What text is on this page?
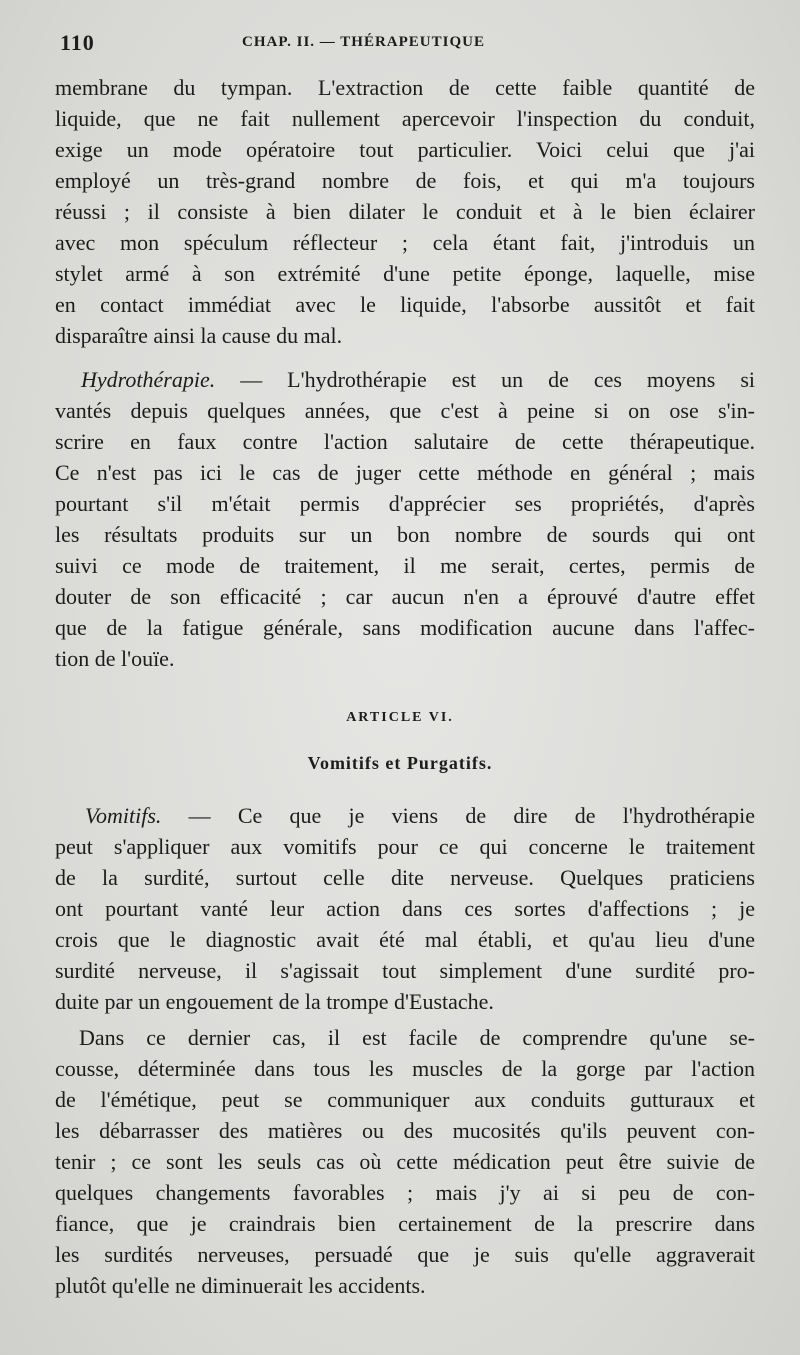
110	CHAP. II. — THÉRAPEUTIQUE
membrane du tympan. L'extraction de cette faible quantité de
liquide, que ne fait nullement apercevoir l'inspection du conduit,
exige un mode opératoire tout particulier. Voici celui que j'ai
employé un très-grand nombre de fois, et qui m'a toujours
réussi ; il consiste à bien dilater le conduit et à le bien éclairer
avec mon spéculum réflecteur ; cela étant fait, j'introduis un
stylet armé à son extrémité d'une petite éponge, laquelle, mise
en contact immédiat avec le liquide, l'absorbe aussitôt et fait
disparaître ainsi la cause du mal.
Hydrothérapie. — L'hydrothérapie est un de ces moyens si
vantés depuis quelques années, que c'est à peine si on ose s'in-
scrire en faux contre l'action salutaire de cette thérapeutique.
Ce n'est pas ici le cas de juger cette méthode en général ; mais
pourtant s'il m'était permis d'apprécier ses propriétés, d'après
les résultats produits sur un bon nombre de sourds qui ont
suivi ce mode de traitement, il me serait, certes, permis de
douter de son efficacité ; car aucun n'en a éprouvé d'autre effet
que de la fatigue générale, sans modification aucune dans l'affec-
tion de l'ouïe.
ARTICLE VI.
Vomitifs et Purgatifs.
Vomitifs. — Ce que je viens de dire de l'hydrothérapie
peut s'appliquer aux vomitifs pour ce qui concerne le traitement
de la surdité, surtout celle dite nerveuse. Quelques praticiens
ont pourtant vanté leur action dans ces sortes d'affections ; je
crois que le diagnostic avait été mal établi, et qu'au lieu d'une
surdité nerveuse, il s'agissait tout simplement d'une surdité pro-
duite par un engouement de la trompe d'Eustache.
Dans ce dernier cas, il est facile de comprendre qu'une se-
cousse, déterminée dans tous les muscles de la gorge par l'action
de l'émétique, peut se communiquer aux conduits gutturaux et
les débarrasser des matières ou des mucosités qu'ils peuvent con-
tenir ; ce sont les seuls cas où cette médication peut être suivie de
quelques changements favorables ; mais j'y ai si peu de con-
fiance, que je craindrais bien certainement de la prescrire dans
les surdités nerveuses, persuadé que je suis qu'elle aggraverait
plutôt qu'elle ne diminuerait les accidents.
